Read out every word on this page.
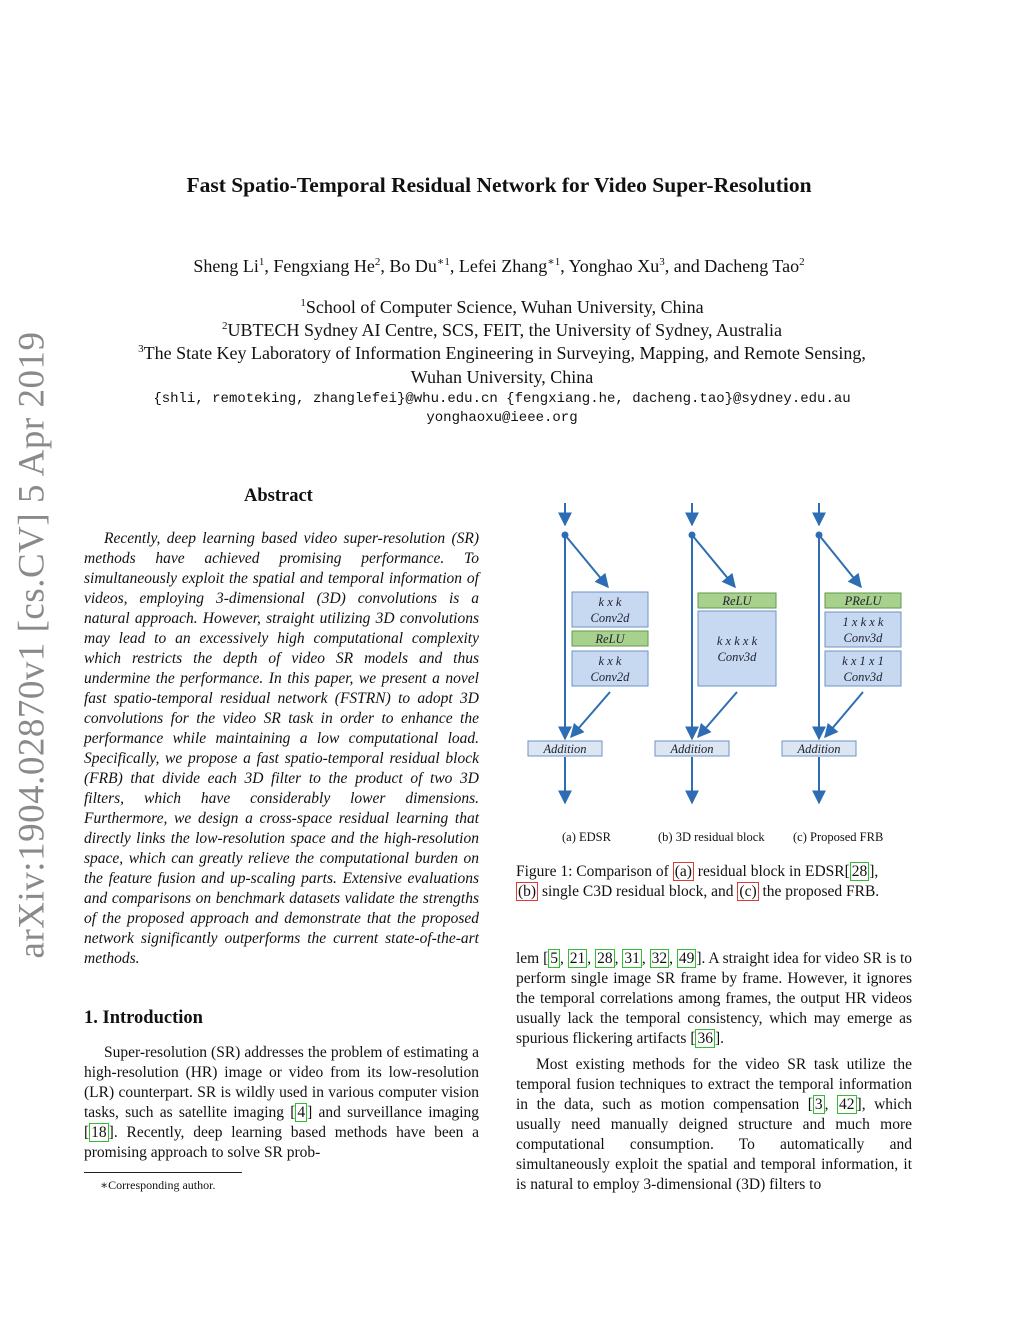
arXiv:1904.02870v1 [cs.CV] 5 Apr 2019
Fast Spatio-Temporal Residual Network for Video Super-Resolution
Sheng Li$^1$, Fengxiang He$^2$, Bo $Du^{∗1}$, Lefei Zhang$^{∗1}$, Yonghao Xu$^3$, and Dacheng Tao$^2$
$^1$School of Computer Science, Wuhan University, China
$^2$UBTECH Sydney AI Centre, SCS, FEIT, the University of Sydney, Australia
$^3$The State Key Laboratory of Information Engineering in Surveying, Mapping, and Remote Sensing,
Wuhan University, China
{shli, remoteking, zhanglefei}@whu.edu.cn {fengxiang.he, dacheng.tao}@sydney.edu.au
yonghaoxu@ieee.org
Abstract
Recently, deep learning based video super-resolution (SR) methods have achieved promising performance. To simultaneously exploit the spatial and temporal information of videos, employing 3-dimensional (3D) convolutions is a natural approach. However, straight utilizing 3D convolutions may lead to an excessively high computational complexity which restricts the depth of video SR models and thus undermine the performance. In this paper, we present a novel fast spatio-temporal residual network (FSTRN) to adopt 3D convolutions for the video SR task in order to enhance the performance while maintaining a low computational load. Specifically, we propose a fast spatio-temporal residual block (FRB) that divide each 3D filter to the product of two 3D filters, which have considerably lower dimensions. Furthermore, we design a cross-space residual learning that directly links the low-resolution space and the high-resolution space, which can greatly relieve the computational burden on the feature fusion and up-scaling parts. Extensive evaluations and comparisons on benchmark datasets validate the strengths of the proposed approach and demonstrate that the proposed network significantly outperforms the current state-of-the-art methods.
1. Introduction
Super-resolution (SR) addresses the problem of estimating a high-resolution (HR) image or video from its low-resolution (LR) counterpart. SR is wildly used in various computer vision tasks, such as satellite imaging [ 4 ] and surveillance imaging [ 18 ]. Recently, deep learning based methods have been a promising approach to solve SR prob-
∗Corresponding author.
k x k
Conv2d
ReLU
k x k
Conv2d
Addition
ReLU
k x k x k
Conv3d
Addition
PReLU
1 x k x k
Conv3d
k x 1 x 1
Conv3d
Addition
(a) EDSR	(b) 3D residual block (c) Proposed FRB
Figure 1: Comparison of (a) residual block in EDSR[ 28 ],
(b) single C3D residual block, and (c) the proposed FRB.
lem [ 5 , 21 , 28 , 31 , 32 , 49 ]. A straight idea for video SR is to perform single image SR frame by frame. However, it ignores the temporal correlations among frames, the output HR videos usually lack the temporal consistency, which may emerge as spurious flickering artifacts [ 36 ].
Most existing methods for the video SR task utilize the temporal fusion techniques to extract the temporal information in the data, such as motion compensation [ 3 , 42 ], which usually need manually deigned structure and much more computational consumption. To automatically and simultaneously exploit the spatial and temporal information, it is natural to employ 3-dimensional (3D) filters to
